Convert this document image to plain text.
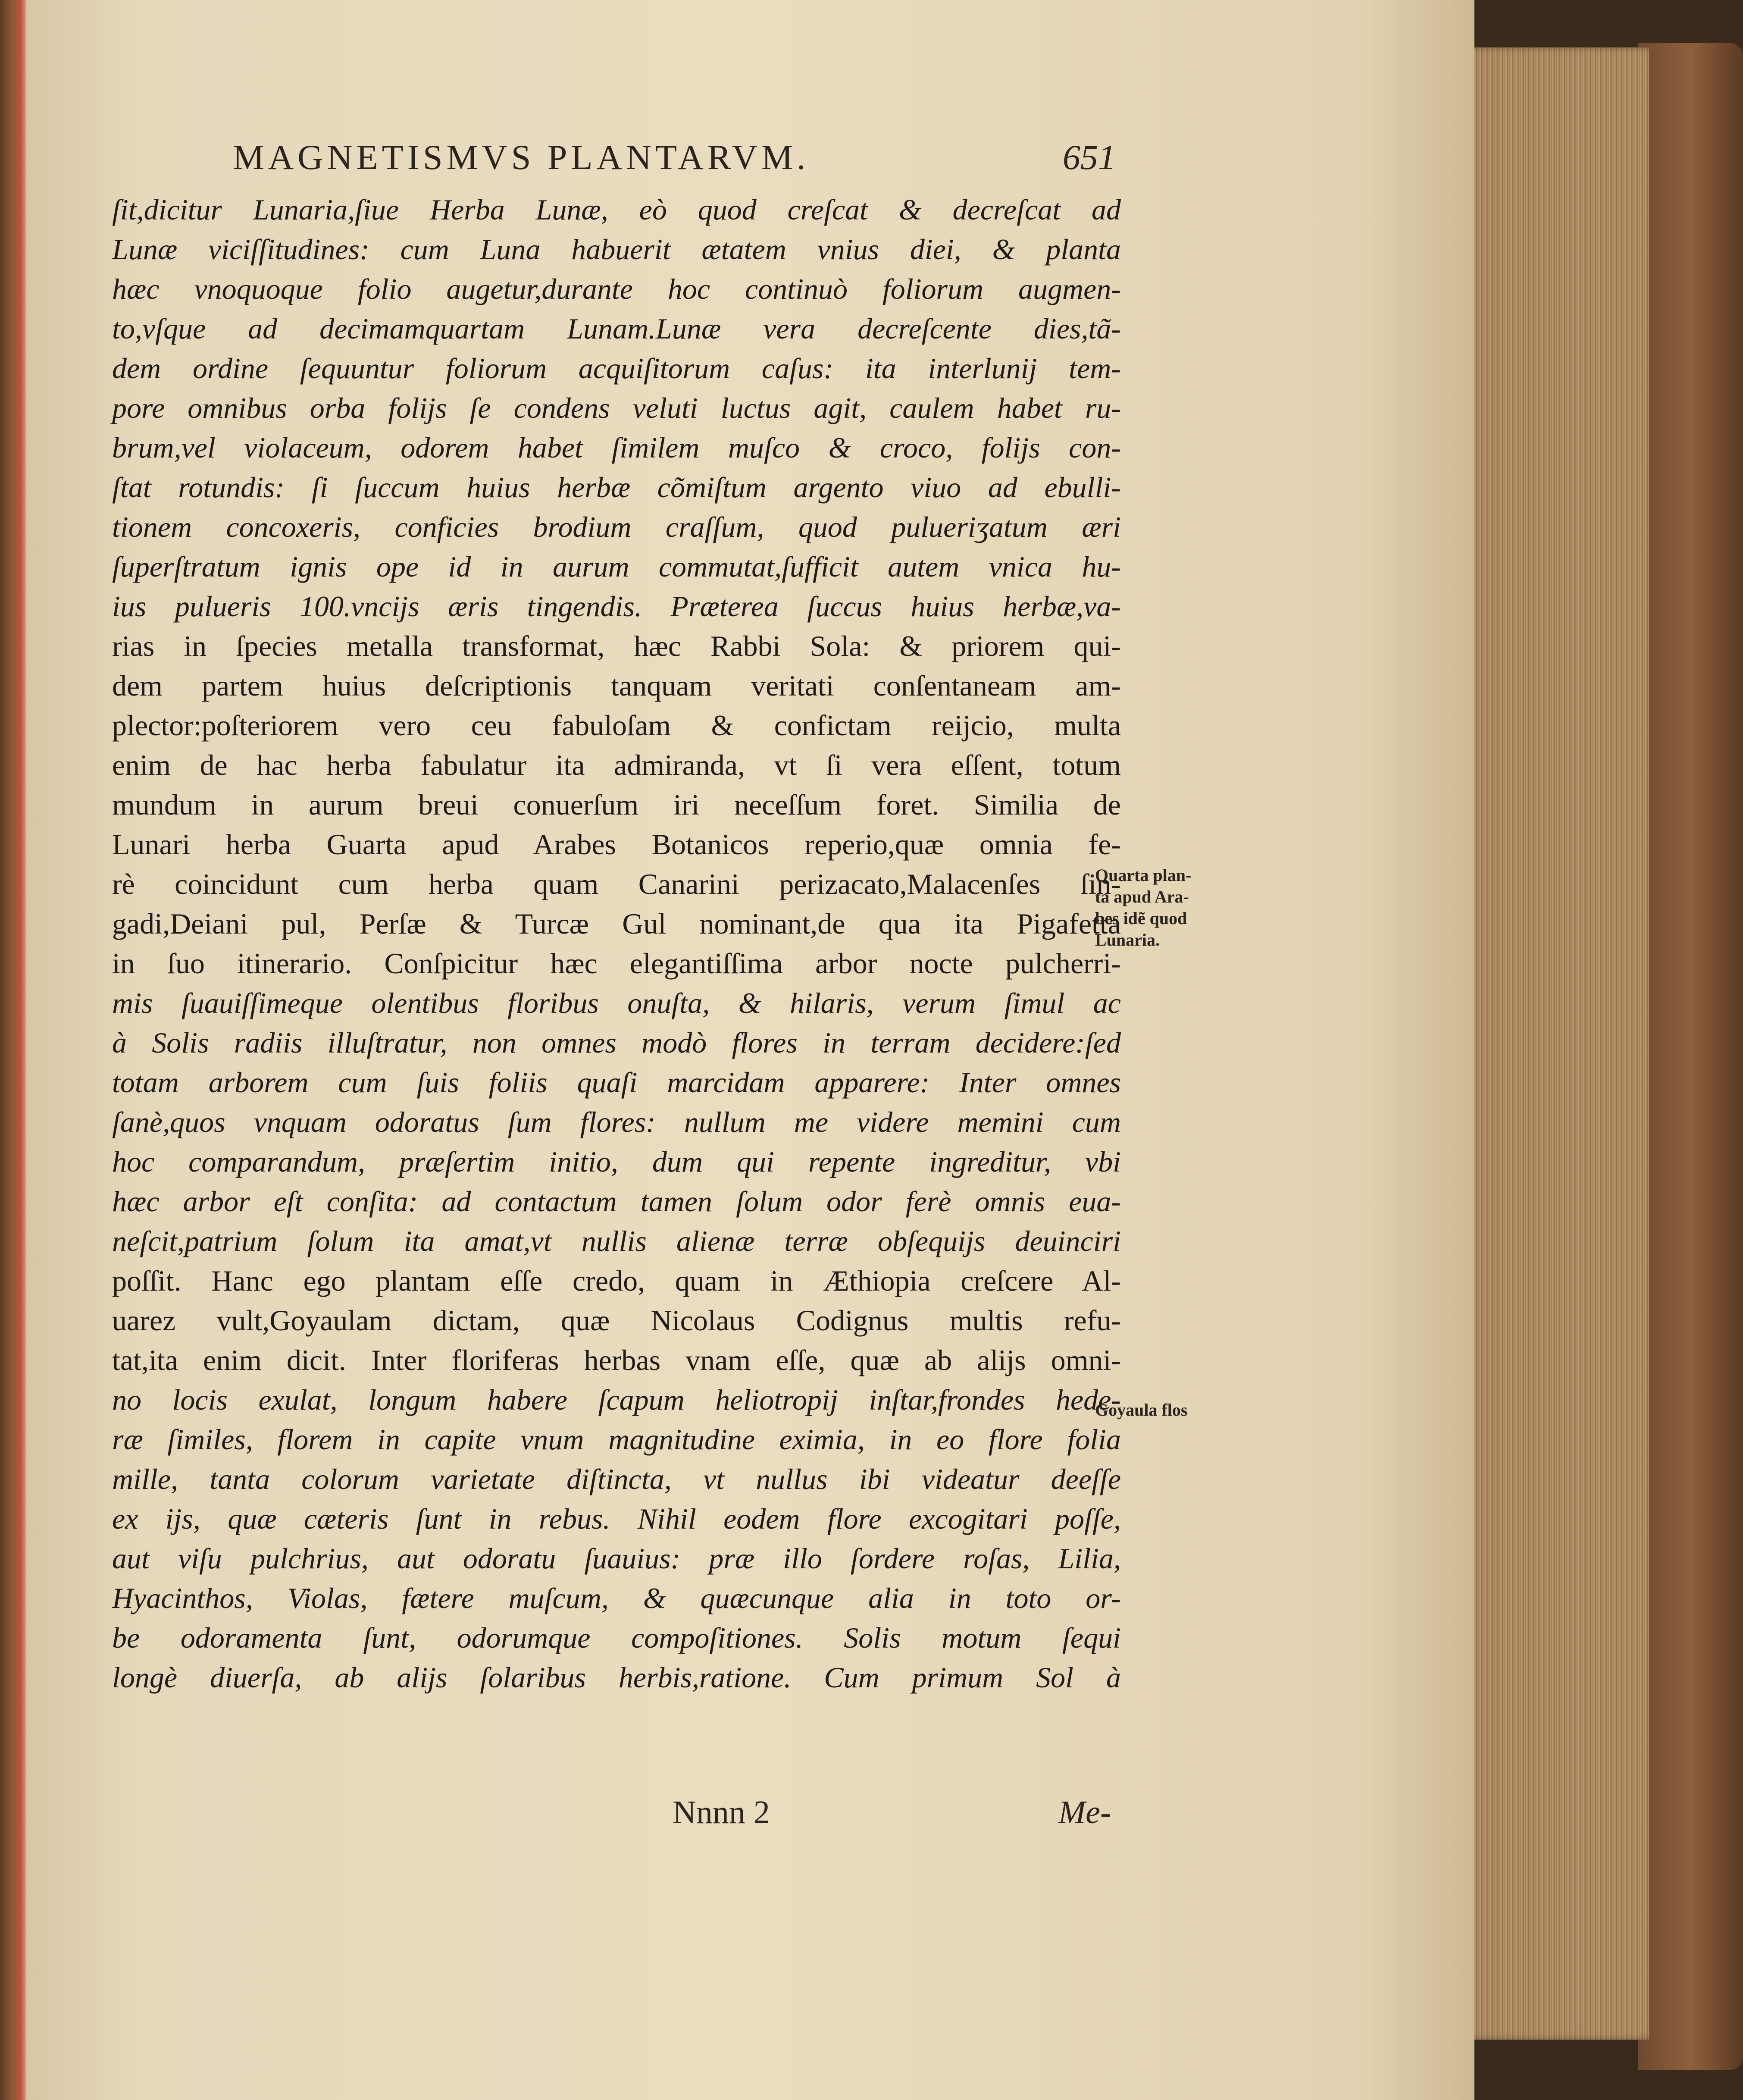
MAGNETISMVS PLANTARVM.	651
ſit,dicitur Lunaria,ſiue Herba Lunæ, eò quod creſcat & decreſcat ad
Lunæ viciſſitudines: cum Luna habuerit ætatem vnius diei, & planta
hæc vnoquoque folio augetur,durante hoc continuò foliorum augmen-
to,vſque ad decimamquartam Lunam.Lunæ vera decreſcente dies,tã-
dem ordine ſequuntur foliorum acquiſitorum caſus: ita interlunij tem-
pore omnibus orba folijs ſe condens veluti luctus agit, caulem habet ru-
brum,vel violaceum, odorem habet ſimilem muſco & croco, folijs con-
ſtat rotundis: ſi ſuccum huius herbæ cõmiſtum argento viuo ad ebulli-
tionem concoxeris, conficies brodium craſſum, quod pulueriʒatum æri
ſuperſtratum ignis ope id in aurum commutat,ſufficit autem vnica hu-
ius pulueris 100.vncijs æris tingendis. Præterea ſuccus huius herbæ,va-
rias in ſpecies metalla transformat, hæc Rabbi Sola: & priorem qui-
dem partem huius deſcriptionis tanquam veritati conſentaneam am-
plector:poſteriorem vero ceu fabuloſam & confictam reijcio, multa
enim de hac herba fabulatur ita admiranda, vt ſi vera eſſent, totum
mundum in aurum breui conuerſum iri neceſſum foret. Similia de
Lunari herba Guarta apud Arabes Botanicos reperio,quæ omnia fe-
rè coincidunt cum herba quam Canarini perizacato,Malacenſes ſin-
gadi,Deiani pul, Perſæ & Turcæ Gul nominant,de qua ita Pigafetta
in ſuo itinerario. Conſpicitur hæc elegantiſſima arbor nocte pulcherri-
mis ſuauiſſimeque olentibus floribus onuſta, & hilaris, verum ſimul ac
à Solis radiis illuſtratur, non omnes modò flores in terram decidere:ſed
totam arborem cum ſuis foliis quaſi marcidam apparere: Inter omnes
ſanè,quos vnquam odoratus ſum flores: nullum me videre memini cum
hoc comparandum, præſertim initio, dum qui repente ingreditur, vbi
hæc arbor eſt conſita: ad contactum tamen ſolum odor ferè omnis eua-
neſcit,patrium ſolum ita amat,vt nullis alienæ terræ obſequijs deuinciri
poſſit. Hanc ego plantam eſſe credo, quam in Æthiopia creſcere Al-
uarez vult,Goyaulam dictam, quæ Nicolaus Codignus multis refu-
tat,ita enim dicit. Inter floriferas herbas vnam eſſe, quæ ab alijs omni-
no locis exulat, longum habere ſcapum heliotropij inſtar,frondes hede-
ræ ſimiles, florem in capite vnum magnitudine eximia, in eo flore folia
mille, tanta colorum varietate diſtincta, vt nullus ibi videatur deeſſe
ex ijs, quæ cæteris ſunt in rebus. Nihil eodem flore excogitari poſſe,
aut viſu pulchrius, aut odoratu ſuauius: præ illo ſordere roſas, Lilia,
Hyacinthos, Violas, fætere muſcum, & quæcunque alia in toto or-
be odoramenta ſunt, odorumque compoſitiones. Solis motum ſequi
longè diuerſa, ab alijs ſolaribus herbis,ratione. Cum primum Sol à
Quarta plan-
ta apud Ara-
bes idẽ quod
Lunaria.
Goyaula flos
Nnnn 2	Me-
